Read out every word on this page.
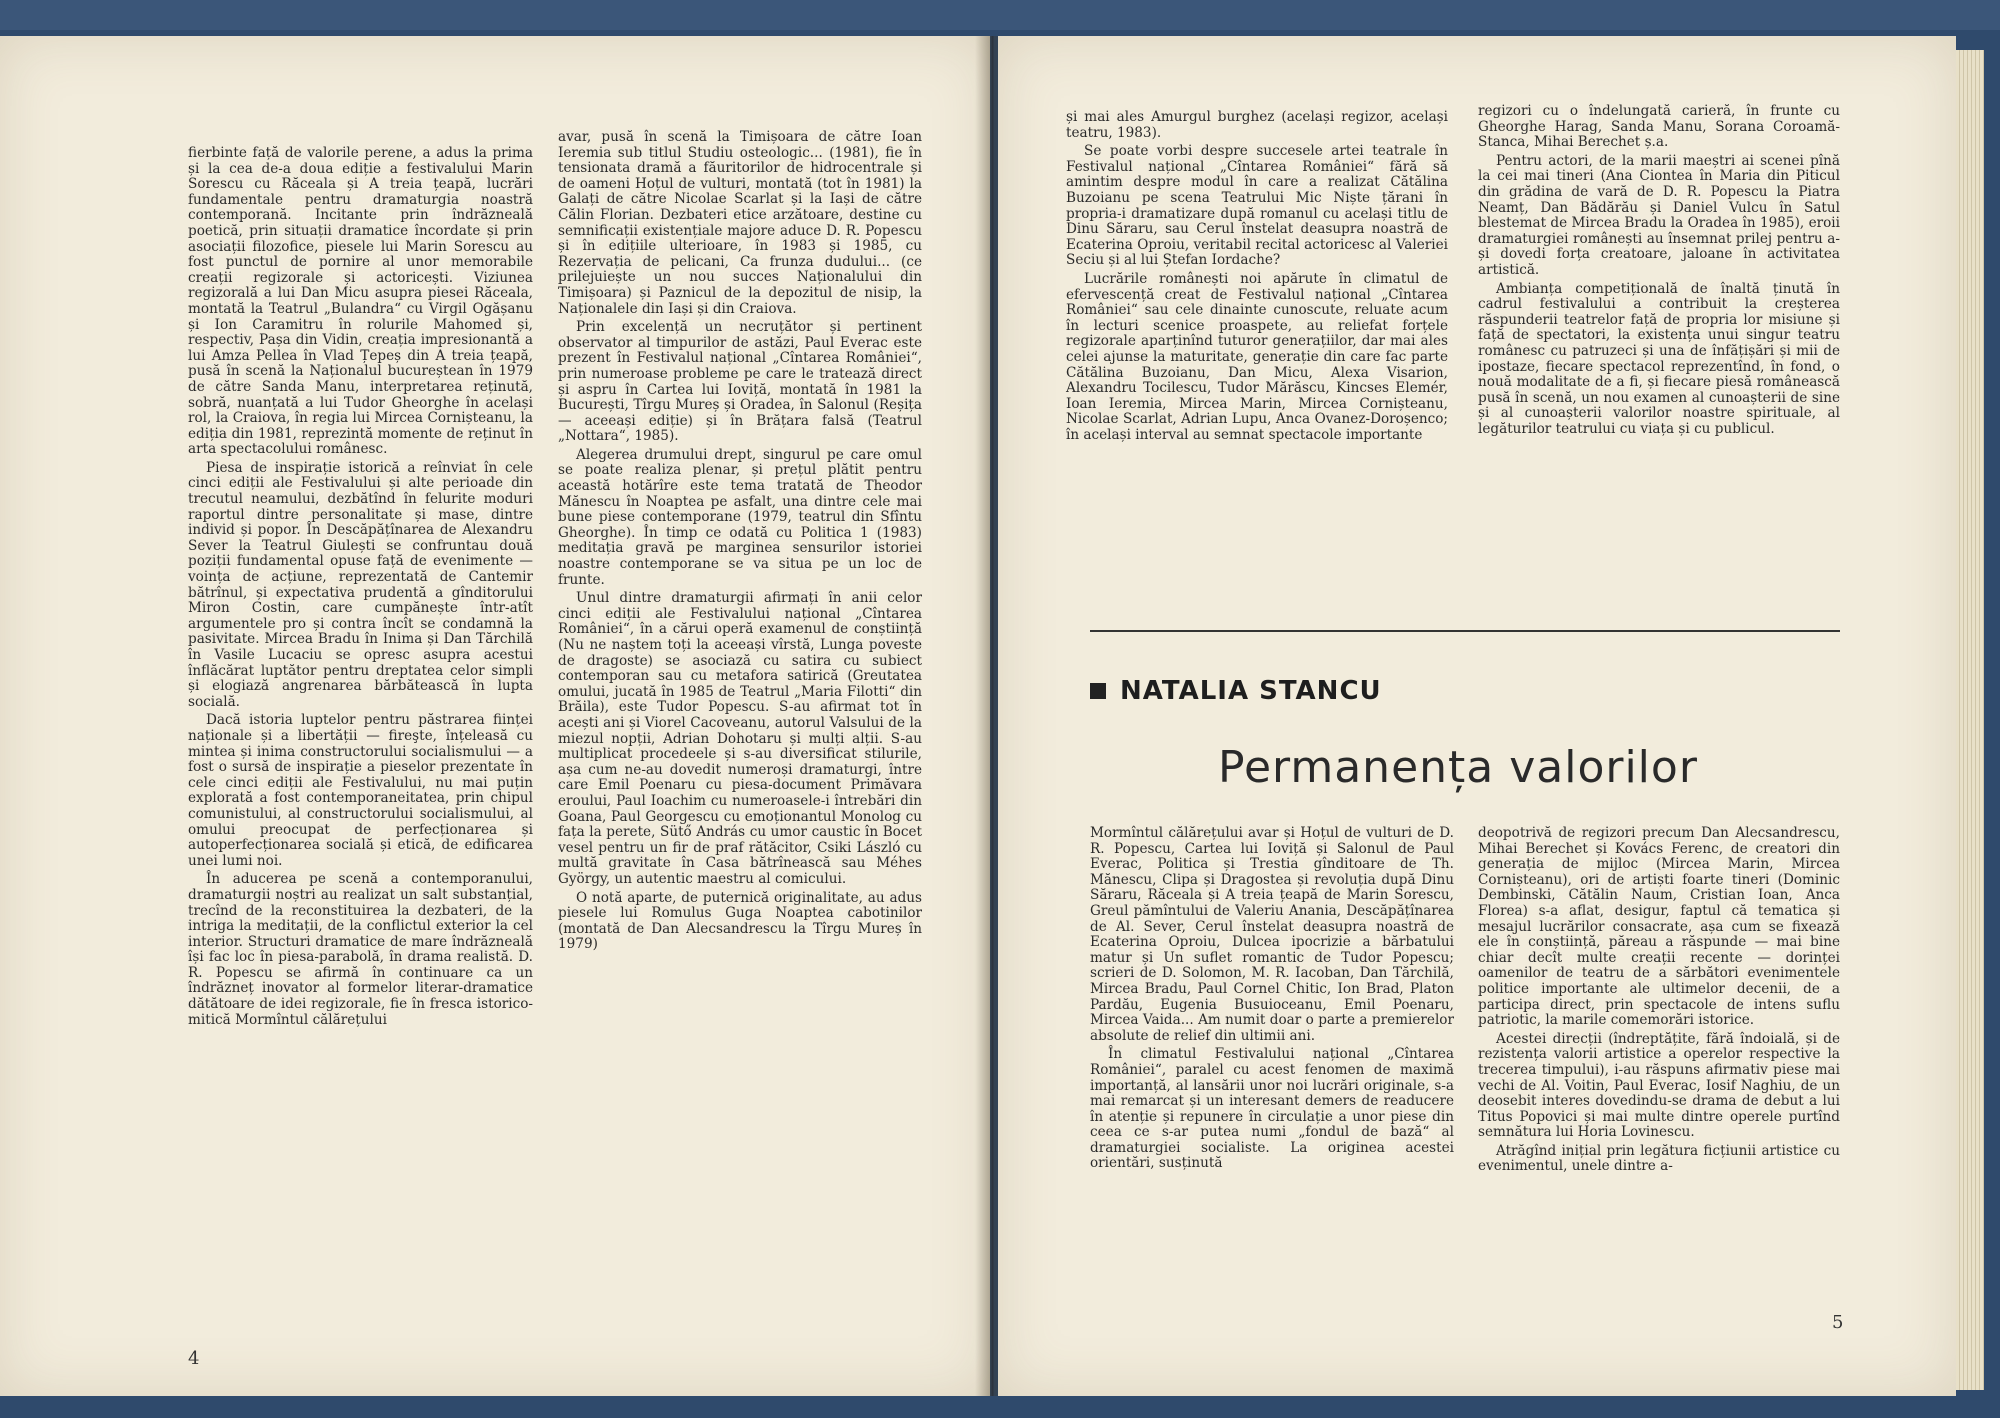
fierbinte față de valorile perene, a adus la prima și la cea de-a doua ediție a festivalului Marin Sorescu cu Răceala și A treia țeapă, lucrări fundamentale pentru dramaturgia noastră contemporană. Incitante prin îndrăzneală poetică, prin situații dramatice încordate și prin asociații filozofice, piesele lui Marin Sorescu au fost punctul de pornire al unor memorabile creații regizorale și actoricești. Viziunea regizorală a lui Dan Micu asupra piesei Răceala, montată la Teatrul „Bulandra“ cu Virgil Ogășanu și Ion Caramitru în rolurile Mahomed și, respectiv, Pașa din Vidin, creația impresionantă a lui Amza Pellea în Vlad Țepeș din A treia țeapă, pusă în scenă la Naționalul bucureștean în 1979 de către Sanda Manu, interpretarea reținută, sobră, nuanțată a lui Tudor Gheorghe în același rol, la Craiova, în regia lui Mircea Cornișteanu, la ediția din 1981, reprezintă momente de reținut în arta spectacolului românesc.

Piesa de inspirație istorică a reînviat în cele cinci ediții ale Festivalului și alte perioade din trecutul neamului, dezbătînd în felurite moduri raportul dintre personalitate și mase, dintre individ și popor. În Descăpățînarea de Alexandru Sever la Teatrul Giulești se confruntau două poziții fundamental opuse față de evenimente — voința de acțiune, reprezentată de Cantemir bătrînul, și expectativa prudentă a gînditorului Miron Costin, care cumpănește într-atît argumentele pro și contra încît se condamnă la pasivitate. Mircea Bradu în Inima și Dan Tărchilă în Vasile Lucaciu se opresc asupra acestui înflăcărat luptător pentru dreptatea celor simpli și elogiază angrenarea bărbătească în lupta socială.

Dacă istoria luptelor pentru păstrarea ființei naționale și a libertății — fireşte, înțeleasă cu mintea și inima constructorului socialismului — a fost o sursă de inspirație a pieselor prezentate în cele cinci ediții ale Festivalului, nu mai puțin explorată a fost contemporaneitatea, prin chipul comunistului, al constructorului socialismului, al omului preocupat de perfecționarea și autoperfecționarea socială și etică, de edificarea unei lumi noi.

În aducerea pe scenă a contemporanului, dramaturgii noștri au realizat un salt substanțial, trecînd de la reconstituirea la dezbateri, de la intriga la meditații, de la conflictul exterior la cel interior. Structuri dramatice de mare îndrăzneală își fac loc în piesa-parabolă, în drama realistă. D. R. Popescu se afirmă în continuare ca un îndrăzneț inovator al formelor literar-dramatice dătătoare de idei regizorale, fie în fresca istorico-mitică Mormîntul călărețului

avar, pusă în scenă la Timișoara de către Ioan Ieremia sub titlul Studiu osteologic... (1981), fie în tensionata dramă a făuritorilor de hidrocentrale și de oameni Hoțul de vulturi, montată (tot în 1981) la Galați de către Nicolae Scarlat și la Iași de către Călin Florian. Dezbateri etice arzătoare, destine cu semnificații existențiale majore aduce D. R. Popescu și în edițiile ulterioare, în 1983 și 1985, cu Rezervația de pelicani, Ca frunza dudului... (ce prilejuiește un nou succes Naționalului din Timișoara) și Paznicul de la depozitul de nisip, la Naționalele din Iași și din Craiova.

Prin excelență un necruțător și pertinent observator al timpurilor de astăzi, Paul Everac este prezent în Festivalul național „Cîntarea României“, prin numeroase probleme pe care le tratează direct și aspru în Cartea lui Ioviță, montată în 1981 la București, Tîrgu Mureș și Oradea, în Salonul (Reșița — aceeași ediție) și în Brățara falsă (Teatrul „Nottara“, 1985).

Alegerea drumului drept, singurul pe care omul se poate realiza plenar, și prețul plătit pentru această hotărîre este tema tratată de Theodor Mănescu în Noaptea pe asfalt, una dintre cele mai bune piese contemporane (1979, teatrul din Sfîntu Gheorghe). În timp ce odată cu Politica 1 (1983) meditația gravă pe marginea sensurilor istoriei noastre contemporane se va situa pe un loc de frunte.

Unul dintre dramaturgii afirmați în anii celor cinci ediții ale Festivalului național „Cîntarea României“, în a cărui operă examenul de conștiință (Nu ne naștem toți la aceeași vîrstă, Lunga poveste de dragoste) se asociază cu satira cu subiect contemporan sau cu metafora satirică (Greutatea omului, jucată în 1985 de Teatrul „Maria Filotti“ din Brăila), este Tudor Popescu. S-au afirmat tot în acești ani și Viorel Cacoveanu, autorul Valsului de la miezul nopții, Adrian Dohotaru și mulți alții. S-au multiplicat procedeele și s-au diversificat stilurile, așa cum ne-au dovedit numeroși dramaturgi, între care Emil Poenaru cu piesa-document Primăvara eroului, Paul Ioachim cu numeroasele-i întrebări din Goana, Paul Georgescu cu emoționantul Monolog cu fața la perete, Sütő András cu umor caustic în Bocet vesel pentru un fir de praf rătăcitor, Csiki László cu multă gravitate în Casa bătrînească sau Méhes György, un autentic maestru al comicului.

O notă aparte, de puternică originalitate, au adus piesele lui Romulus Guga Noaptea cabotinilor (montată de Dan Alecsandrescu la Tîrgu Mureș în 1979)

4

și mai ales Amurgul burghez (același regizor, același teatru, 1983).

Se poate vorbi despre succesele artei teatrale în Festivalul național „Cîntarea României“ fără să amintim despre modul în care a realizat Cătălina Buzoianu pe scena Teatrului Mic Niște țărani în propria-i dramatizare după romanul cu același titlu de Dinu Săraru, sau Cerul înstelat deasupra noastră de Ecaterina Oproiu, veritabil recital actoricesc al Valeriei Seciu și al lui Ștefan Iordache?

Lucrările românești noi apărute în climatul de efervescență creat de Festivalul național „Cîntarea României“ sau cele dinainte cunoscute, reluate acum în lecturi scenice proaspete, au reliefat forțele regizorale aparținînd tuturor generațiilor, dar mai ales celei ajunse la maturitate, generație din care fac parte Cătălina Buzoianu, Dan Micu, Alexa Visarion, Alexandru Tocilescu, Tudor Mărăscu, Kincses Elemér, Ioan Ieremia, Mircea Marin, Mircea Cornișteanu, Nicolae Scarlat, Adrian Lupu, Anca Ovanez-Doroșenco; în același interval au semnat spectacole importante

regizori cu o îndelungată carieră, în frunte cu Gheorghe Harag, Sanda Manu, Sorana Coroamă-Stanca, Mihai Berechet ș.a.

Pentru actori, de la marii maeștri ai scenei pînă la cei mai tineri (Ana Ciontea în Maria din Piticul din grădina de vară de D. R. Popescu la Piatra Neamț, Dan Bădărău și Daniel Vulcu în Satul blestemat de Mircea Bradu la Oradea în 1985), eroii dramaturgiei românești au însemnat prilej pentru a-și dovedi forța creatoare, jaloane în activitatea artistică.

Ambianța competițională de înaltă ținută în cadrul festivalului a contribuit la creșterea răspunderii teatrelor față de propria lor misiune și față de spectatori, la existența unui singur teatru românesc cu patruzeci și una de înfățișări și mii de ipostaze, fiecare spectacol reprezentînd, în fond, o nouă modalitate de a fi, și fiecare piesă românească pusă în scenă, un nou examen al cunoașterii de sine și al cunoașterii valorilor noastre spirituale, al legăturilor teatrului cu viața și cu publicul.

NATALIA STANCU
Permanența valorilor

Mormîntul călărețului avar și Hoțul de vulturi de D. R. Popescu, Cartea lui Ioviță și Salonul de Paul Everac, Politica și Trestia gînditoare de Th. Mănescu, Clipa și Dragostea și revoluția după Dinu Săraru, Răceala și A treia țeapă de Marin Sorescu, Greul pămîntului de Valeriu Anania, Descăpățînarea de Al. Sever, Cerul înstelat deasupra noastră de Ecaterina Oproiu, Dulcea ipocrizie a bărbatului matur și Un suflet romantic de Tudor Popescu; scrieri de D. Solomon, M. R. Iacoban, Dan Tărchilă, Mircea Bradu, Paul Cornel Chitic, Ion Brad, Platon Pardău, Eugenia Busuioceanu, Emil Poenaru, Mircea Vaida... Am numit doar o parte a premierelor absolute de relief din ultimii ani.

În climatul Festivalului național „Cîntarea României“, paralel cu acest fenomen de maximă importanță, al lansării unor noi lucrări originale, s-a mai remarcat și un interesant demers de readucere în atenție și repunere în circulație a unor piese din ceea ce s-ar putea numi „fondul de bază“ al dramaturgiei socialiste. La originea acestei orientări, susținută

deopotrivă de regizori precum Dan Alecsandrescu, Mihai Berechet și Kovács Ferenc, de creatori din generația de mijloc (Mircea Marin, Mircea Cornișteanu), ori de artiști foarte tineri (Dominic Dembinski, Cătălin Naum, Cristian Ioan, Anca Florea) s-a aflat, desigur, faptul că tematica și mesajul lucrărilor consacrate, așa cum se fixează ele în conștiință, păreau a răspunde — mai bine chiar decît multe creații recente — dorinței oamenilor de teatru de a sărbători evenimentele politice importante ale ultimelor decenii, de a participa direct, prin spectacole de intens suflu patriotic, la marile comemorări istorice.

Acestei direcții (îndreptățite, fără îndoială, și de rezistența valorii artistice a operelor respective la trecerea timpului), i-au răspuns afirmativ piese mai vechi de Al. Voitin, Paul Everac, Iosif Naghiu, de un deosebit interes dovedindu-se drama de debut a lui Titus Popovici și mai multe dintre operele purtînd semnătura lui Horia Lovinescu.

Atrăgînd inițial prin legătura ficțiunii artistice cu evenimentul, unele dintre a-

5
